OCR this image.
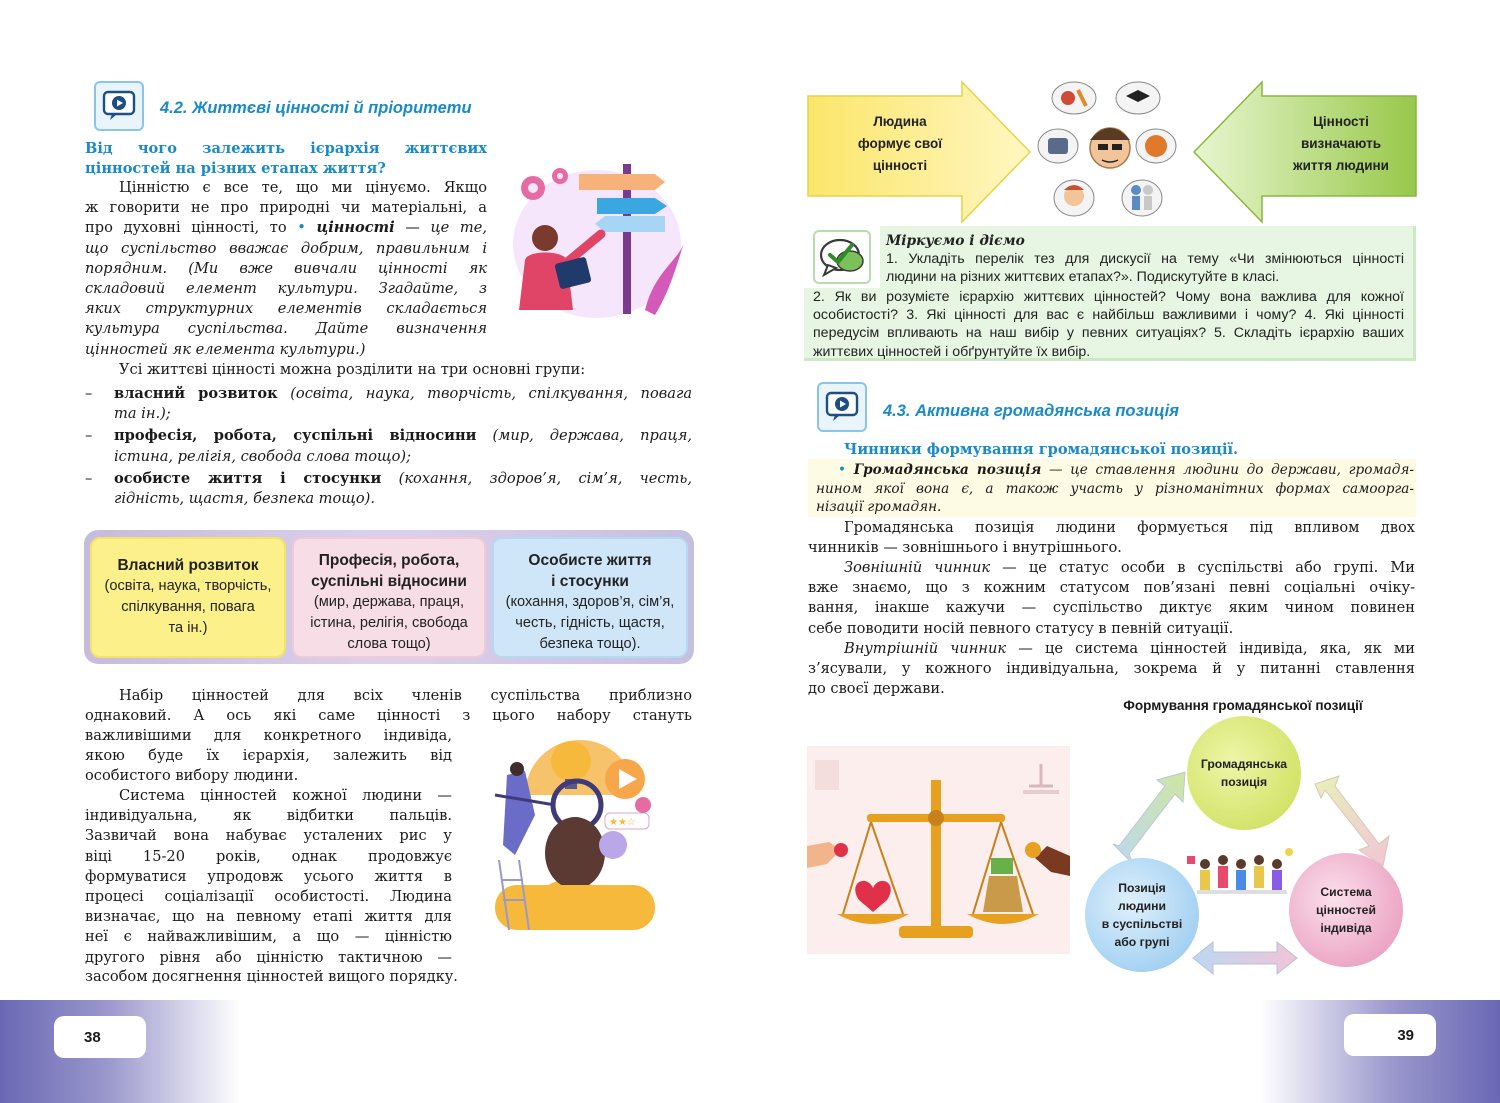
4.2. Життєві цінності й пріоритети
Від чого залежить ієрархія життєвих
цінностей на різних етапах життя?
Цінністю є все те, що ми цінуємо. Якщо
ж говорити не про природні чи матеріальні, а
про духовні цінності, то • цінності — це те,
що суспільство вважає добрим, правильним і
порядним. (Ми вже вивчали цінності як
складовий елемент культури. Згадайте, з
яких структурних елементів складається
культура суспільства. Дайте визначення
цінностей як елемента культури.)
Усі життєві цінності можна розділити на три основні групи:
– власний розвиток (освіта, наука, творчість, спілкування, повага
та ін.);
– професія, робота, суспільні відносини (мир, держава, праця,
істина, релігія, свобода слова тощо);
– особисте життя і стосунки (кохання, здоров’я, сім’я, честь,
гідність, щастя, безпека тощо).
Власний розвиток
(освіта, наука, творчість,
спілкування, повага
та ін.)
Професія, робота,
суспільні відносини
(мир, держава, праця,
істина, релігія, свобода
слова тощо)
Особисте життя
і стосунки
(кохання, здоров’я, сім’я,
честь, гідність, щастя,
безпека тощо).
Набір цінностей для всіх членів суспільства приблизно
однаковий. А ось які саме цінності з цього набору стануть
важливішими для конкретного індивіда,
якою буде їх ієрархія, залежить від
особистого вибору людини.
Система цінностей кожної людини —
індивідуальна, як відбитки пальців.
Зазвичай вона набуває усталених рис у
віці 15-20 років, однак продовжує
формуватися упродовж усього життя в
процесі соціалізації особистості. Людина
визначає, що на певному етапі життя для
неї є найважливішим, а що — цінністю
другого рівня або цінністю тактичною —
засобом досягнення цінностей вищого порядку.
★★☆
Людина
формує свої
цінності
Цінності
визначають
життя людини
Міркуємо і діємо
1. Укладіть перелік тез для дискусії на тему «Чи змінюються цінності
людини на різних життєвих етапах?». Подискутуйте в класі.
2. Як ви розумієте ієрархію життєвих цінностей? Чому вона важлива для кожної
особистості? 3. Які цінності для вас є найбільш важливими і чому? 4. Які цінності
передусім впливають на наш вибір у певних ситуаціях? 5. Складіть ієрархію ваших
життєвих цінностей і обґрунтуйте їх вибір.
4.3. Активна громадянська позиція
Чинники формування громадянської позиції.
• Громадянська позиція — це ставлення людини до держави, громадя-
нином якої вона є, а також участь у різноманітних формах самоорга-
нізації громадян.
Громадянська позиція людини формується під впливом двох
чинників — зовнішнього і внутрішнього.
Зовнішній чинник — це статус особи в суспільстві або групі. Ми
вже знаємо, що з кожним статусом пов’язані певні соціальні очіку-
вання, інакше кажучи — суспільство диктує яким чином повинен
себе поводити носій певного статусу в певній ситуації.
Внутрішній чинник — це система цінностей індивіда, яка, як ми
з’ясували, у кожного індивідуальна, зокрема й у питанні ставлення
до своєї держави.
Формування громадянської позиції
Громадянська
позиція
Позиція
людини
в суспільстві
або групі
Система
цінностей
індивіда
38	39
